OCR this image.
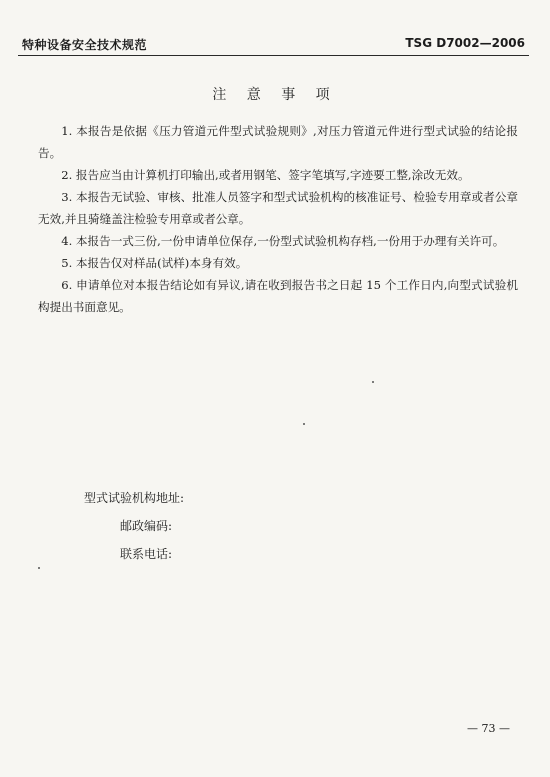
特种设备安全技术规范	TSG D7002—2006
注 意 事 项
1. 本报告是依据《压力管道元件型式试验规则》,对压力管道元件进行型式试验的结论报告。
2. 报告应当由计算机打印输出,或者用钢笔、签字笔填写,字迹要工整,涂改无效。
3. 本报告无试验、审核、批准人员签字和型式试验机构的核准证号、检验专用章或者公章无效,并且骑缝盖注检验专用章或者公章。
4. 本报告一式三份,一份申请单位保存,一份型式试验机构存档,一份用于办理有关许可。
5. 本报告仅对样品(试样)本身有效。
6. 申请单位对本报告结论如有异议,请在收到报告书之日起 15 个工作日内,向型式试验机构提出书面意见。
型式试验机构地址:
邮政编码:
联系电话:
— 73 —
